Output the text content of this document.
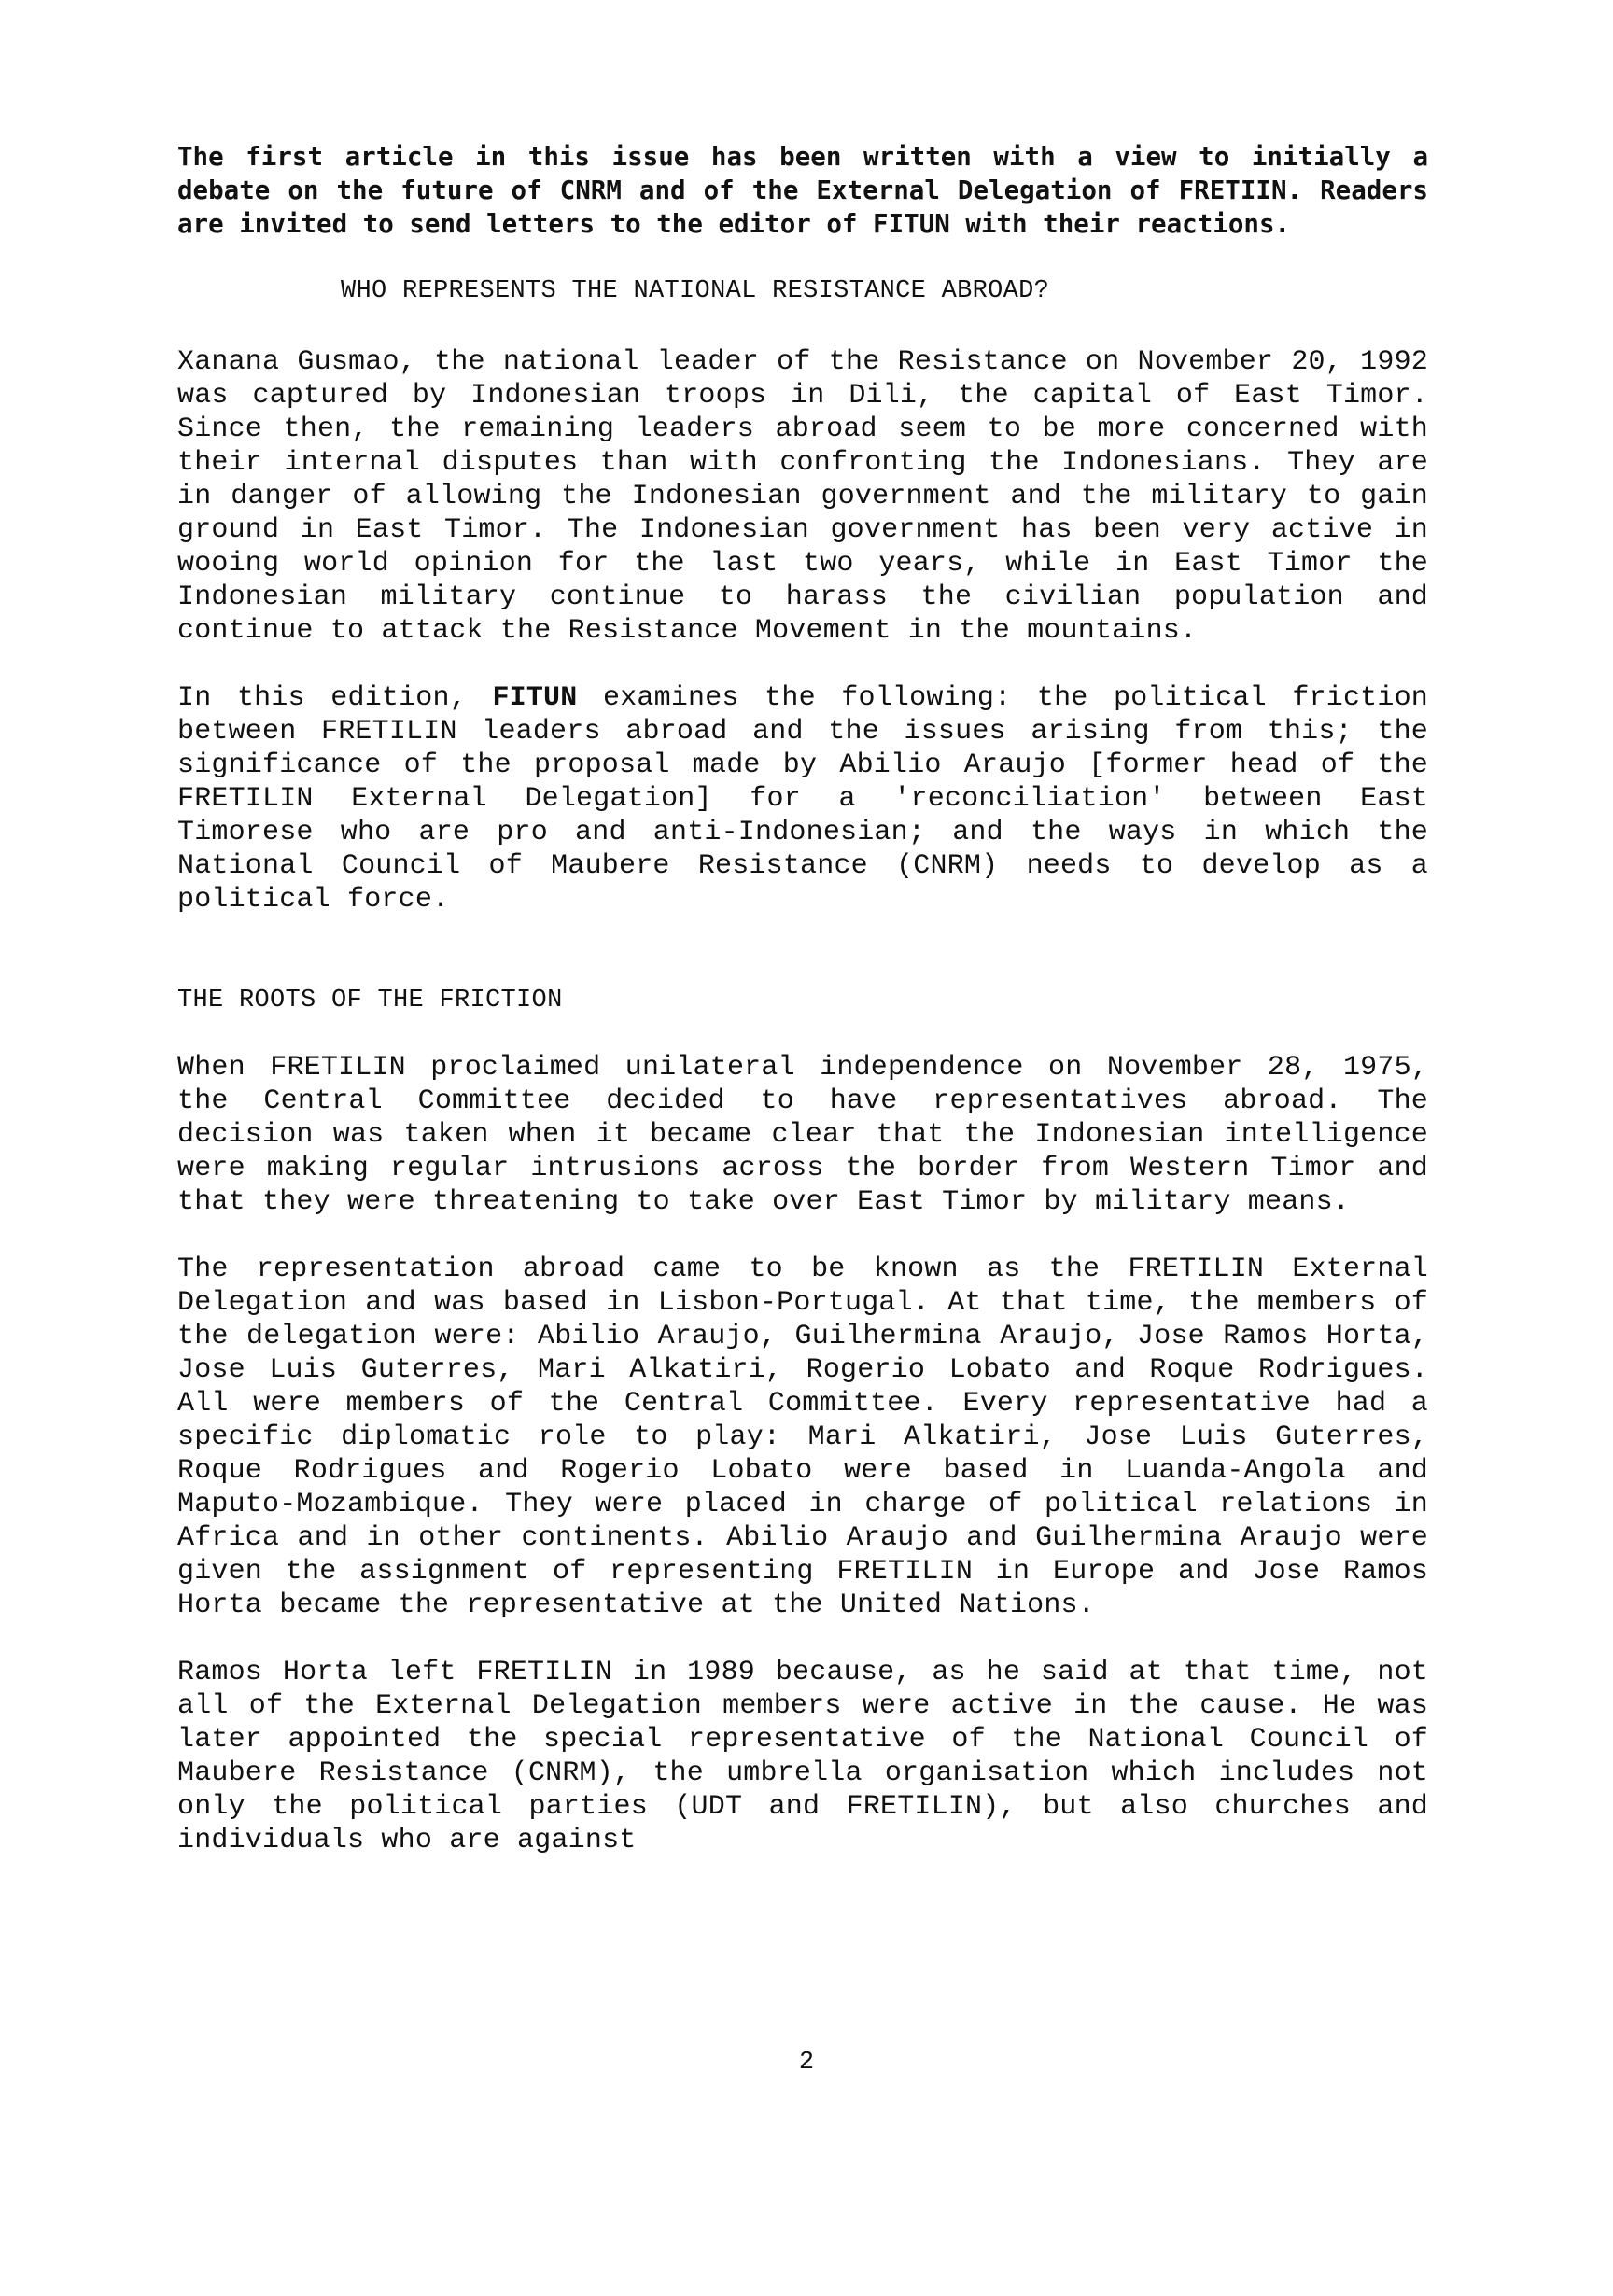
The first article in this issue has been written with a view to initially a debate on the future of CNRM and of the External Delegation of FRETIIN. Readers are invited to send letters to the editor of FITUN with their reactions.

WHO REPRESENTS THE NATIONAL RESISTANCE ABROAD?

Xanana Gusmao, the national leader of the Resistance on November 20, 1992 was captured by Indonesian troops in Dili, the capital of East Timor. Since then, the remaining leaders abroad seem to be more concerned with their internal disputes than with confronting the Indonesians. They are in danger of allowing the Indonesian government and the military to gain ground in East Timor. The Indonesian government has been very active in wooing world opinion for the last two years, while in East Timor the Indonesian military continue to harass the civilian population and continue to attack the Resistance Movement in the mountains.

In this edition, FITUN examines the following: the political friction between FRETILIN leaders abroad and the issues arising from this; the significance of the proposal made by Abilio Araujo [former head of the FRETILIN External Delegation] for a 'reconciliation' between East Timorese who are pro and anti-Indonesian; and the ways in which the National Council of Maubere Resistance (CNRM) needs to develop as a political force.

THE ROOTS OF THE FRICTION

When FRETILIN proclaimed unilateral independence on November 28, 1975, the Central Committee decided to have representatives abroad. The decision was taken when it became clear that the Indonesian intelligence were making regular intrusions across the border from Western Timor and that they were threatening to take over East Timor by military means.

The representation abroad came to be known as the FRETILIN External Delegation and was based in Lisbon-Portugal. At that time, the members of the delegation were: Abilio Araujo, Guilhermina Araujo, Jose Ramos Horta, Jose Luis Guterres, Mari Alkatiri, Rogerio Lobato and Roque Rodrigues. All were members of the Central Committee. Every representative had a specific diplomatic role to play: Mari Alkatiri, Jose Luis Guterres, Roque Rodrigues and Rogerio Lobato were based in Luanda-Angola and Maputo-Mozambique. They were placed in charge of political relations in Africa and in other continents. Abilio Araujo and Guilhermina Araujo were given the assignment of representing FRETILIN in Europe and Jose Ramos Horta became the representative at the United Nations.

Ramos Horta left FRETILIN in 1989 because, as he said at that time, not all of the External Delegation members were active in the cause. He was later appointed the special representative of the National Council of Maubere Resistance (CNRM), the umbrella organisation which includes not only the political parties (UDT and FRETILIN), but also churches and individuals who are against

2
